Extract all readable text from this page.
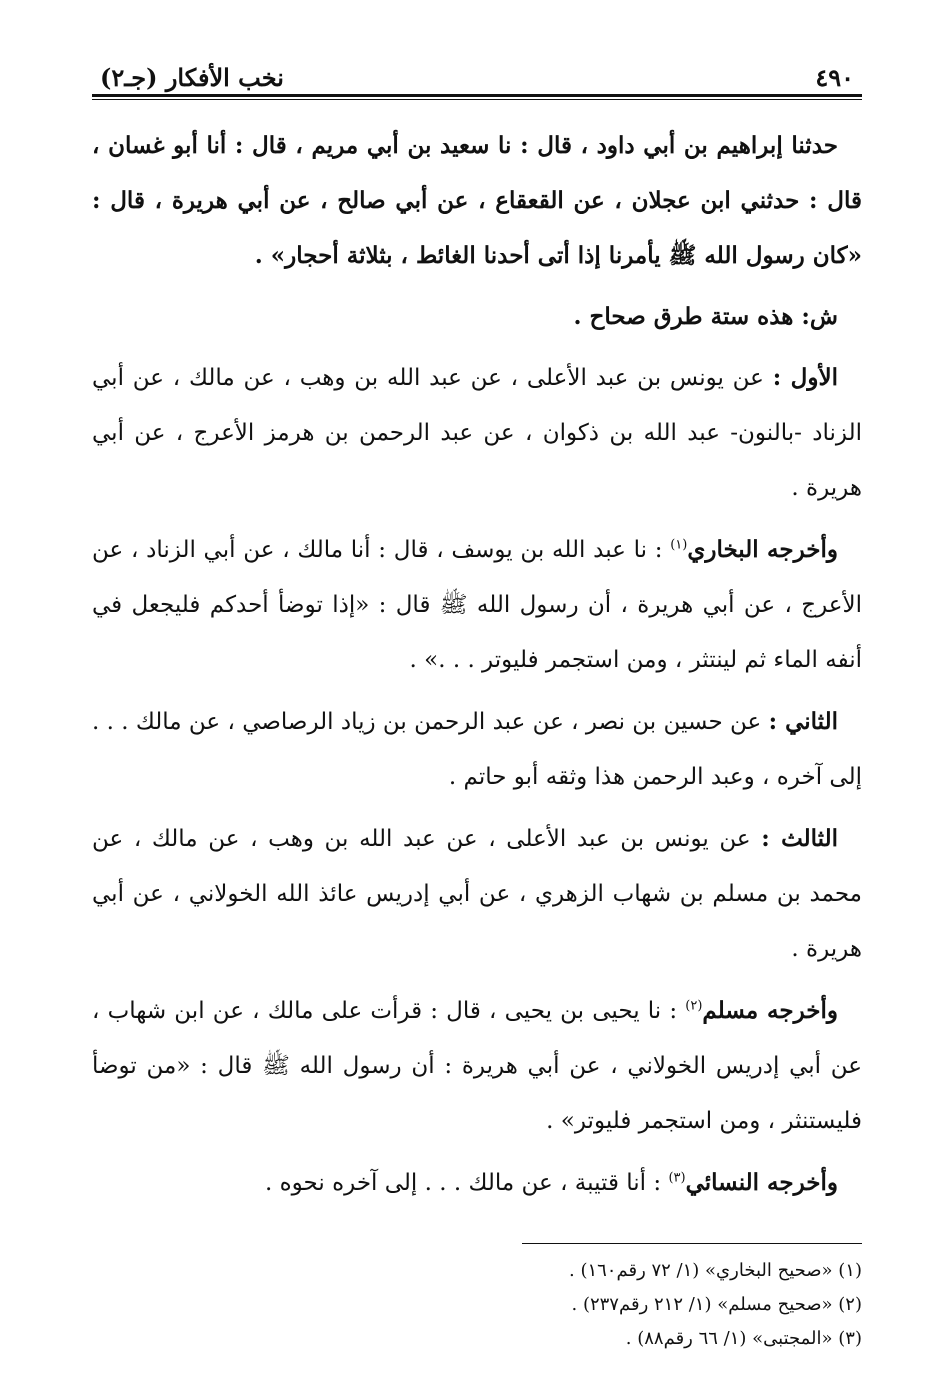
٤٩٠
نخب الأفكار (جـ٢)

حدثنا إبراهيم بن أبي داود ، قال : نا سعيد بن أبي مريم ، قال : أنا أبو غسان ، قال : حدثني ابن عجلان ، عن القعقاع ، عن أبي صالح ، عن أبي هريرة ، قال : «كان رسول الله ﷺ يأمرنا إذا أتى أحدنا الغائط ، بثلاثة أحجار» .

ش: هذه ستة طرق صحاح .

الأول : عن يونس بن عبد الأعلى ، عن عبد الله بن وهب ، عن مالك ، عن أبي الزناد -بالنون- عبد الله بن ذكوان ، عن عبد الرحمن بن هرمز الأعرج ، عن أبي هريرة .

وأخرجه البخاري$^{(١)}$ : نا عبد الله بن يوسف ، قال : أنا مالك ، عن أبي الزناد ، عن الأعرج ، عن أبي هريرة ، أن رسول الله ﷺ قال : «إذا توضأ أحدكم فليجعل في أنفه الماء ثم لينتثر ، ومن استجمر فليوتر . . .» .

الثاني : عن حسين بن نصر ، عن عبد الرحمن بن زياد الرصاصي ، عن مالك . . . إلى آخره ، وعبد الرحمن هذا وثقه أبو حاتم .

الثالث : عن يونس بن عبد الأعلى ، عن عبد الله بن وهب ، عن مالك ، عن محمد بن مسلم بن شهاب الزهري ، عن أبي إدريس عائذ الله الخولاني ، عن أبي هريرة .

وأخرجه مسلم$^{(٢)}$ : نا يحيى بن يحيى ، قال : قرأت على مالك ، عن ابن شهاب ، عن أبي إدريس الخولاني ، عن أبي هريرة : أن رسول الله ﷺ قال : «من توضأ فليستنثر ، ومن استجمر فليوتر» .

وأخرجه النسائي$^{(٣)}$ : أنا قتيبة ، عن مالك . . . إلى آخره نحوه .

(١) «صحيح البخاري» (١/ ٧٢ رقم١٦٠) .

(٢) «صحيح مسلم» (١/ ٢١٢ رقم٢٣٧) .

(٣) «المجتبى» (١/ ٦٦ رقم٨٨) .
